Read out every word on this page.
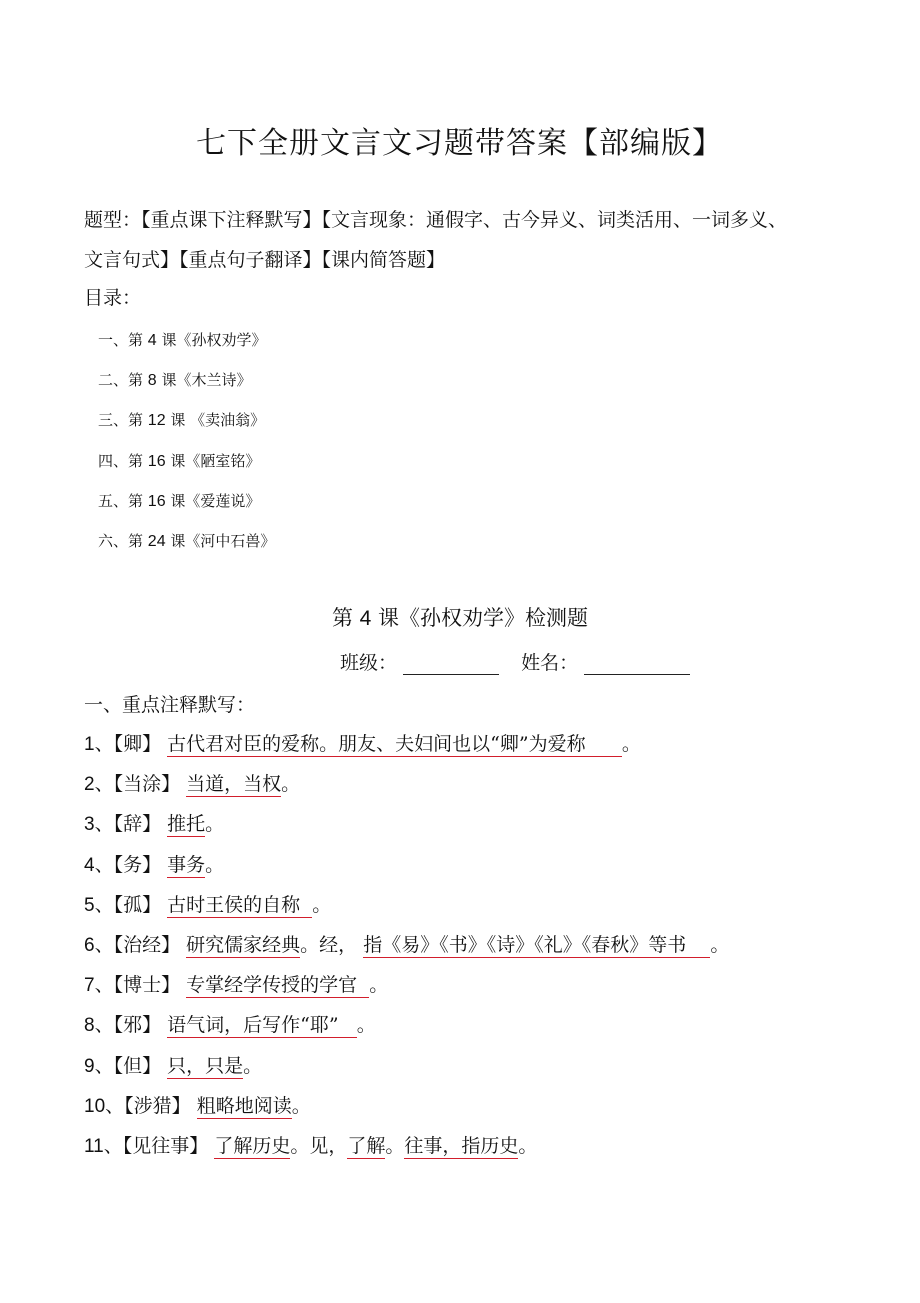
七下全册文言文习题带答案【部编版】
题型：【重点课下注释默写】【文言现象：通假字、古今异义、词类活用、一词多义、文言句式】【重点句子翻译】【课内简答题】
目录：
一、第 4 课《孙权劝学》
二、第 8 课《木兰诗》
三、第 12 课 《卖油翁》
四、第 16 课《陋室铭》
五、第 16 课《爱莲说》
六、第 24 课《河中石兽》
第 4 课《孙权劝学》检测题
班级：	姓名：
一、重点注释默写：
1、【卿】 古代君对臣的爱称。朋友、夫妇间也以“卿”为爱称 。
2、【当涂】 当道，当权。
3、【辞】 推托。
4、【务】 事务。
5、【孤】 古时王侯的自称 。
6、【治经】 研究儒家经典。经， 指《易》《书》《诗》《礼》《春秋》等书 。
7、【博士】 专掌经学传授的学官 。
8、【邪】 语气词，后写作“耶” 。
9、【但】 只，只是。
10、【涉猎】 粗略地阅读。
11、【见往事】 了解历史。见，了解。往事，指历史。
